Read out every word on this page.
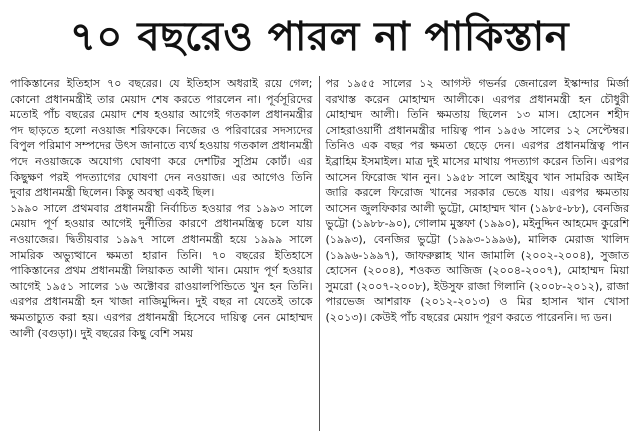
৭০ বছরেও পারল না পাকিস্তান

পাকিস্তানের ইতিহাস ৭০ বছরের। যে ইতিহাস অধরাই রয়ে গেল; কোনো প্রধানমন্ত্রীই তার মেয়াদ শেষ করতে পারলেন না। পূর্বসূরিদের মতোই পাঁচ বছরের মেয়াদ শেষ হওয়ার আগেই গতকাল প্রধানমন্ত্রীর পদ ছাড়তে হলো নওয়াজ শরিফকে। নিজের ও পরিবারের সদস্যদের বিপুল পরিমাণ সম্পদের উৎস জানাতে ব্যর্থ হওয়ায় গতকাল প্রধানমন্ত্রী পদে নওয়াজকে অযোগ্য ঘোষণা করে দেশটির সুপ্রিম কোর্ট। এর কিছুক্ষণ পরই পদত্যাগের ঘোষণা দেন নওয়াজ। এর আগেও তিনি দুবার প্রধানমন্ত্রী ছিলেন। কিন্তু অবস্থা একই ছিল।

১৯৯০ সালে প্রথমবার প্রধানমন্ত্রী নির্বাচিত হওয়ার পর ১৯৯৩ সালে মেয়াদ পূর্ণ হওয়ার আগেই দুর্নীতির কারণে প্রধানমন্ত্রিত্ব চলে যায় নওয়াজের। দ্বিতীয়বার ১৯৯৭ সালে প্রধানমন্ত্রী হয়ে ১৯৯৯ সালে সামরিক অভ্যুত্থানে ক্ষমতা হারান তিনি। ৭০ বছরের ইতিহাসে পাকিস্তানের প্রথম প্রধানমন্ত্রী লিয়াকত আলী খান। মেয়াদ পূর্ণ হওয়ার আগেই ১৯৫১ সালের ১৬ অক্টোবর রাওয়ালপিন্ডিতে খুন হন তিনি। এরপর প্রধানমন্ত্রী হন খাজা নাজিমুদ্দিন। দুই বছর না যেতেই তাকে ক্ষমতাচ্যুত করা হয়। এরপর প্রধানমন্ত্রী হিসেবে দায়িত্ব নেন মোহাম্মদ আলী (বগুড়া)। দুই বছরের কিছু বেশি সময়

পর ১৯৫৫ সালের ১২ আগস্ট গভর্নর জেনারেল ইস্কান্দার মির্জা বরখাস্ত করেন মোহাম্মদ আলীকে। এরপর প্রধানমন্ত্রী হন চৌধুরী মোহাম্মদ আলী। তিনি ক্ষমতায় ছিলেন ১৩ মাস। হোসেন শহীদ সোহরাওয়ার্দী প্রধানমন্ত্রীর দায়িত্ব পান ১৯৫৬ সালের ১২ সেপ্টেম্বর। তিনিও এক বছর পর ক্ষমতা ছেড়ে দেন। এরপর প্রধানমন্ত্রিত্ব পান ইব্রাহিম ইসমাইল। মাত্র দুই মাসের মাথায় পদত্যাগ করেন তিনি। এরপর আসেন ফিরোজ খান নুন। ১৯৫৮ সালে আইয়ুব খান সামরিক আইন জারি করলে ফিরোজ খানের সরকার ভেঙে যায়। এরপর ক্ষমতায় আসেন জুলফিকার আলী ভুট্টো, মোহাম্মদ খান (১৯৮৫-৮৮), বেনজির ভুট্টো (১৯৮৮-৯০), গোলাম মুস্তফা (১৯৯০), মইনুদ্দিন আহমেদ কুরেশি (১৯৯৩), বেনজির ভুট্টো (১৯৯৩-১৯৯৬), মালিক মেরাজ খালিদ (১৯৯৬-১৯৯৭), জাফরুল্লাহ খান জামালি (২০০২-২০০৪), সুজাত হোসেন (২০০৪), শওকত আজিজ (২০০৪-২০০৭), মোহাম্মদ মিয়া সুমরো (২০০৭-২০০৮), ইউসুফ রাজা গিলানি (২০০৮-২০১২), রাজা পারভেজ আশরাফ (২০১২-২০১৩) ও মির হাসান খান খোসা (২০১৩)। কেউই পাঁচ বছরের মেয়াদ পূরণ করতে পারেননি। দ্য ডন।
